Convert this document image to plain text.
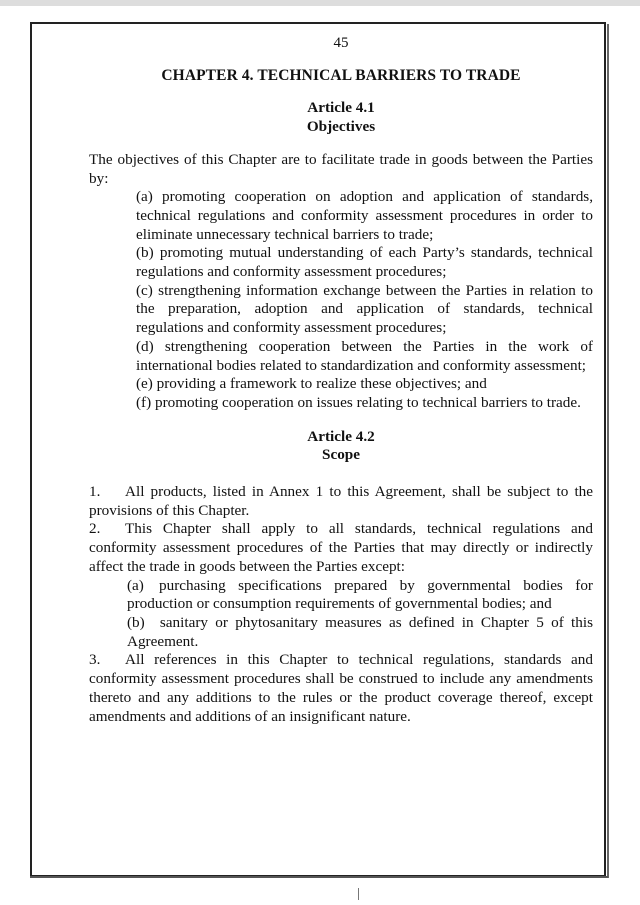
45
CHAPTER 4. TECHNICAL BARRIERS TO TRADE
Article 4.1
Objectives

The objectives of this Chapter are to facilitate trade in goods between the Parties by:

(a) promoting cooperation on adoption and application of standards, technical regulations and conformity assessment procedures in order to eliminate unnecessary technical barriers to trade;

(b) promoting mutual understanding of each Party’s standards, technical regulations and conformity assessment procedures;

(c) strengthening information exchange between the Parties in relation to the preparation, adoption and application of standards, technical regulations and conformity assessment procedures;

(d) strengthening cooperation between the Parties in the work of international bodies related to standardization and conformity assessment;

(e) providing a framework to realize these objectives; and

(f) promoting cooperation on issues relating to technical barriers to trade.

Article 4.2
Scope

1. All products, listed in Annex 1 to this Agreement, shall be subject to the provisions of this Chapter.

2. This Chapter shall apply to all standards, technical regulations and conformity assessment procedures of the Parties that may directly or indirectly affect the trade in goods between the Parties except:

(a) purchasing specifications prepared by governmental bodies for production or consumption requirements of governmental bodies; and

(b) sanitary or phytosanitary measures as defined in Chapter 5 of this Agreement.

3. All references in this Chapter to technical regulations, standards and conformity assessment procedures shall be construed to include any amendments thereto and any additions to the rules or the product coverage thereof, except amendments and additions of an insignificant nature.
